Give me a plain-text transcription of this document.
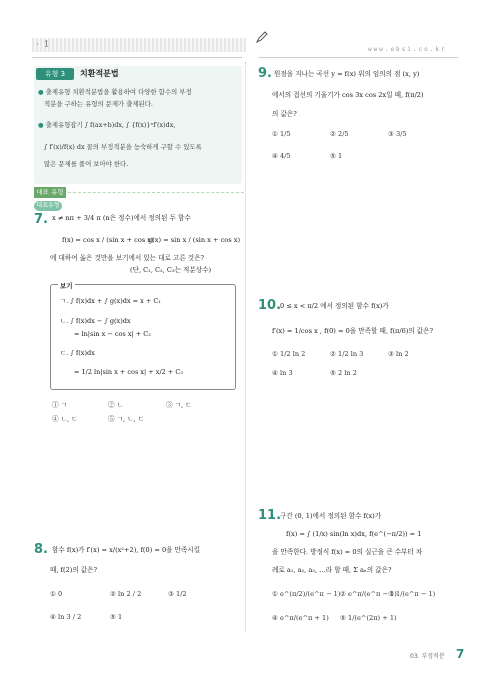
· 1	www.ebsi.co.kr
유형 3	치환적분법
● 출제유형 치환적분법을 활용하여 다양한 함수의 부정
적분을 구하는 유형의 문제가 출제된다.
● 출제유형잡기 ∫ f(ax+b)dx, ∫ {f(x)}ⁿf′(x)dx,
∫ f′(x)/f(x) dx 꼴의 부정적분을 능숙하게 구할 수 있도록
많은 문제를 풀어 보아야 한다.
대표 유형
대표유형
7. x ≠ nπ + 3/4 π (n은 정수)에서 정의된 두 함수
f(x) = cos x / (sin x + cos x)
g(x) = sin x / (sin x + cos x)
에 대하여 옳은 것만을 보기에서 있는 대로 고른 것은?
(단, C₁, C₂, C₃는 적분상수)
보기
ㄱ. ∫ f(x)dx + ∫ g(x)dx = x + C₁
ㄴ. ∫ f(x)dx − ∫ g(x)dx
= ln|sin x − cos x| + C₂
ㄷ. ∫ f(x)dx
= 1/2 ln|sin x + cos x| + x/2 + C₃
① ㄱ	② ㄴ	③ ㄱ, ㄷ
④ ㄴ, ㄷ	⑤ ㄱ, ㄴ, ㄷ
8. 함수 f(x)가 f′(x) = x/(x²+2), f(0) = 0을 만족시킬
때, f(2)의 값은?
① 0	② ln 2 / 2	③ 1/2
④ ln 3 / 2	⑤ 1
9. 원점을 지나는 곡선 y = f(x) 위의 임의의 점 (x, y)
에서의 접선의 기울기가 cos 3x cos 2x일 때, f(π/2)
의 값은?
① 1/5	② 2/5	③ 3/5
④ 4/5	⑤ 1
10.
0 ≤ x < π/2 에서 정의된 함수 f(x)가
f′(x) = 1/cos x , f(0) = 0을 만족할 때, f(π/6)의 값은?
① 1/2 ln 2	② 1/2 ln 3	③ ln 2
④ ln 3	⑤ 2 ln 2
11.
구간 (0, 1)에서 정의된 함수 f(x)가
f(x) = ∫ (1/x) sin(ln x)dx, f(e^(−π/2)) = 1
을 만족한다. 방정식 f(x) = 0의 실근을 큰 수부터 차
례로 a₁, a₂, a₃, …라 할 때, Σ aₙ의 값은?
① e^(π/2)/(e^π − 1) ② e^π/(e^π − 1)
③ 1/(e^π − 1)
④ e^π/(e^π + 1) ⑤ 1/(e^(2π) + 1)
03. 부정적분 7
